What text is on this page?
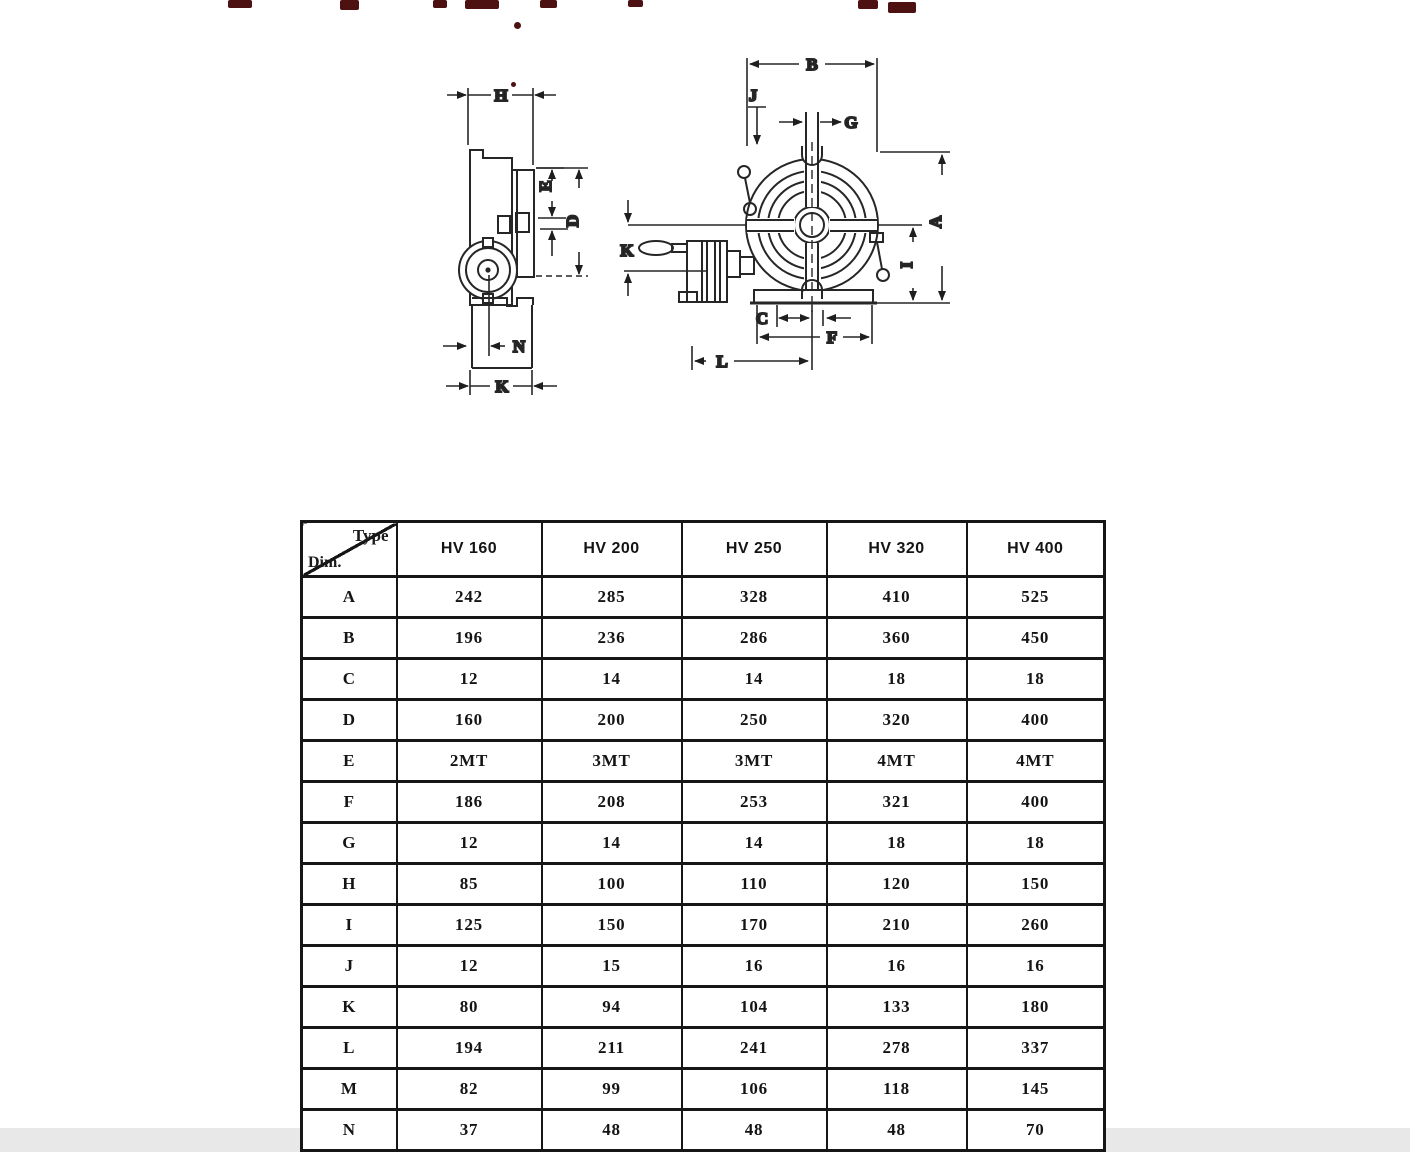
H
E
D
N
K
B
J
G
A
I
K
C
F
L
Type
Dim.	HV 160	HV 200	HV 250	HV 320	HV 400
A	242	285	328	410	525
B	196	236	286	360	450
C	12	14	14	18	18
D	160	200	250	320	400
E	2MT	3MT	3MT	4MT	4MT
F	186	208	253	321	400
G	12	14	14	18	18
H	85	100	110	120	150
I	125	150	170	210	260
J	12	15	16	16	16
K	80	94	104	133	180
L	194	211	241	278	337
M	82	99	106	118	145
N	37	48	48	48	70
